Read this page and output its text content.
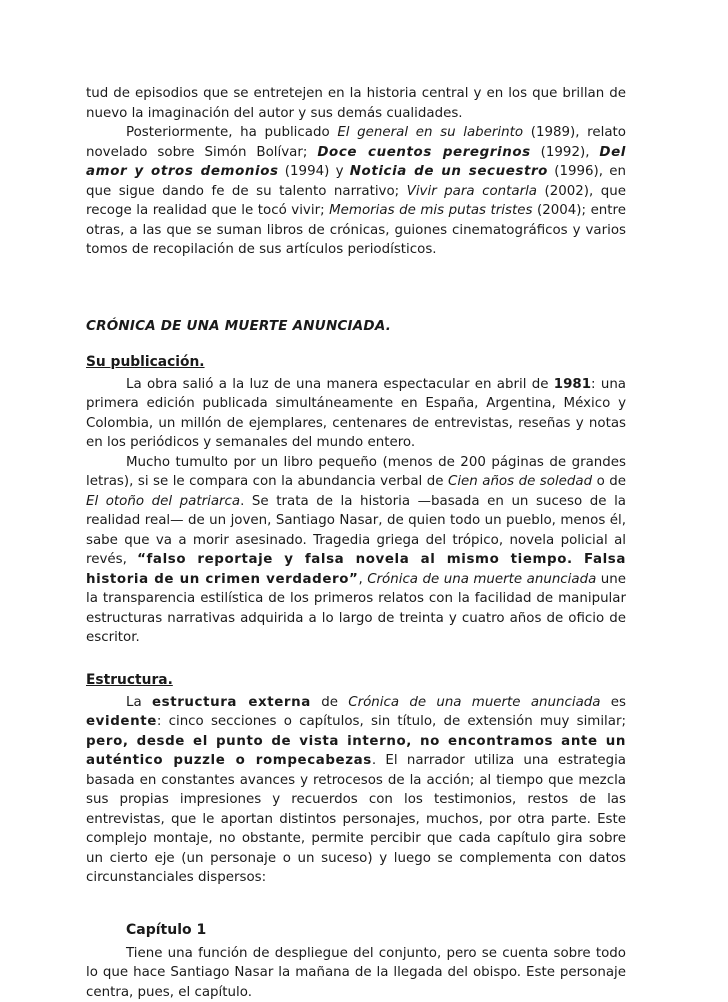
tud de episodios que se entretejen en la historia central y en los que brillan de nuevo la imaginación del autor y sus demás cualidades.

Posteriormente, ha publicado El general en su laberinto (1989), relato novelado sobre Simón Bolívar; Doce cuentos peregrinos (1992), Del amor y otros demonios (1994) y Noticia de un secuestro (1996), en que sigue dando fe de su talento narrativo; Vivir para contarla (2002), que recoge la realidad que le tocó vivir; Memorias de mis putas tristes (2004); entre otras, a las que se suman libros de crónicas, guiones cinematográficos y varios tomos de recopilación de sus artículos periodísticos.

CRÓNICA DE UNA MUERTE ANUNCIADA.
Su publicación.

La obra salió a la luz de una manera espectacular en abril de 1981: una primera edición publicada simultáneamente en España, Argentina, México y Colombia, un millón de ejemplares, centenares de entrevistas, reseñas y notas en los periódicos y semanales del mundo entero.

Mucho tumulto por un libro pequeño (menos de 200 páginas de grandes letras), si se le compara con la abundancia verbal de Cien años de soledad o de El otoño del patriarca. Se trata de la historia —basada en un suceso de la realidad real— de un joven, Santiago Nasar, de quien todo un pueblo, menos él, sabe que va a morir asesinado. Tragedia griega del trópico, novela policial al revés, “falso reportaje y falsa novela al mismo tiempo. Falsa historia de un crimen verdadero”, Crónica de una muerte anunciada une la transparencia estilística de los primeros relatos con la facilidad de manipular estructuras narrativas adquirida a lo largo de treinta y cuatro años de oficio de escritor.

Estructura.

La estructura externa de Crónica de una muerte anunciada es evidente: cinco secciones o capítulos, sin título, de extensión muy similar; pero, desde el punto de vista interno, no encontramos ante un auténtico puzzle o rompecabezas. El narrador utiliza una estrategia basada en constantes avances y retrocesos de la acción; al tiempo que mezcla sus propias impresiones y recuerdos con los testimonios, restos de las entrevistas, que le aportan distintos personajes, muchos, por otra parte. Este complejo montaje, no obstante, permite percibir que cada capítulo gira sobre un cierto eje (un personaje o un suceso) y luego se complementa con datos circunstanciales dispersos:

Capítulo 1

Tiene una función de despliegue del conjunto, pero se cuenta sobre todo lo que hace Santiago Nasar la mañana de la llegada del obispo. Este personaje centra, pues, el capítulo.
